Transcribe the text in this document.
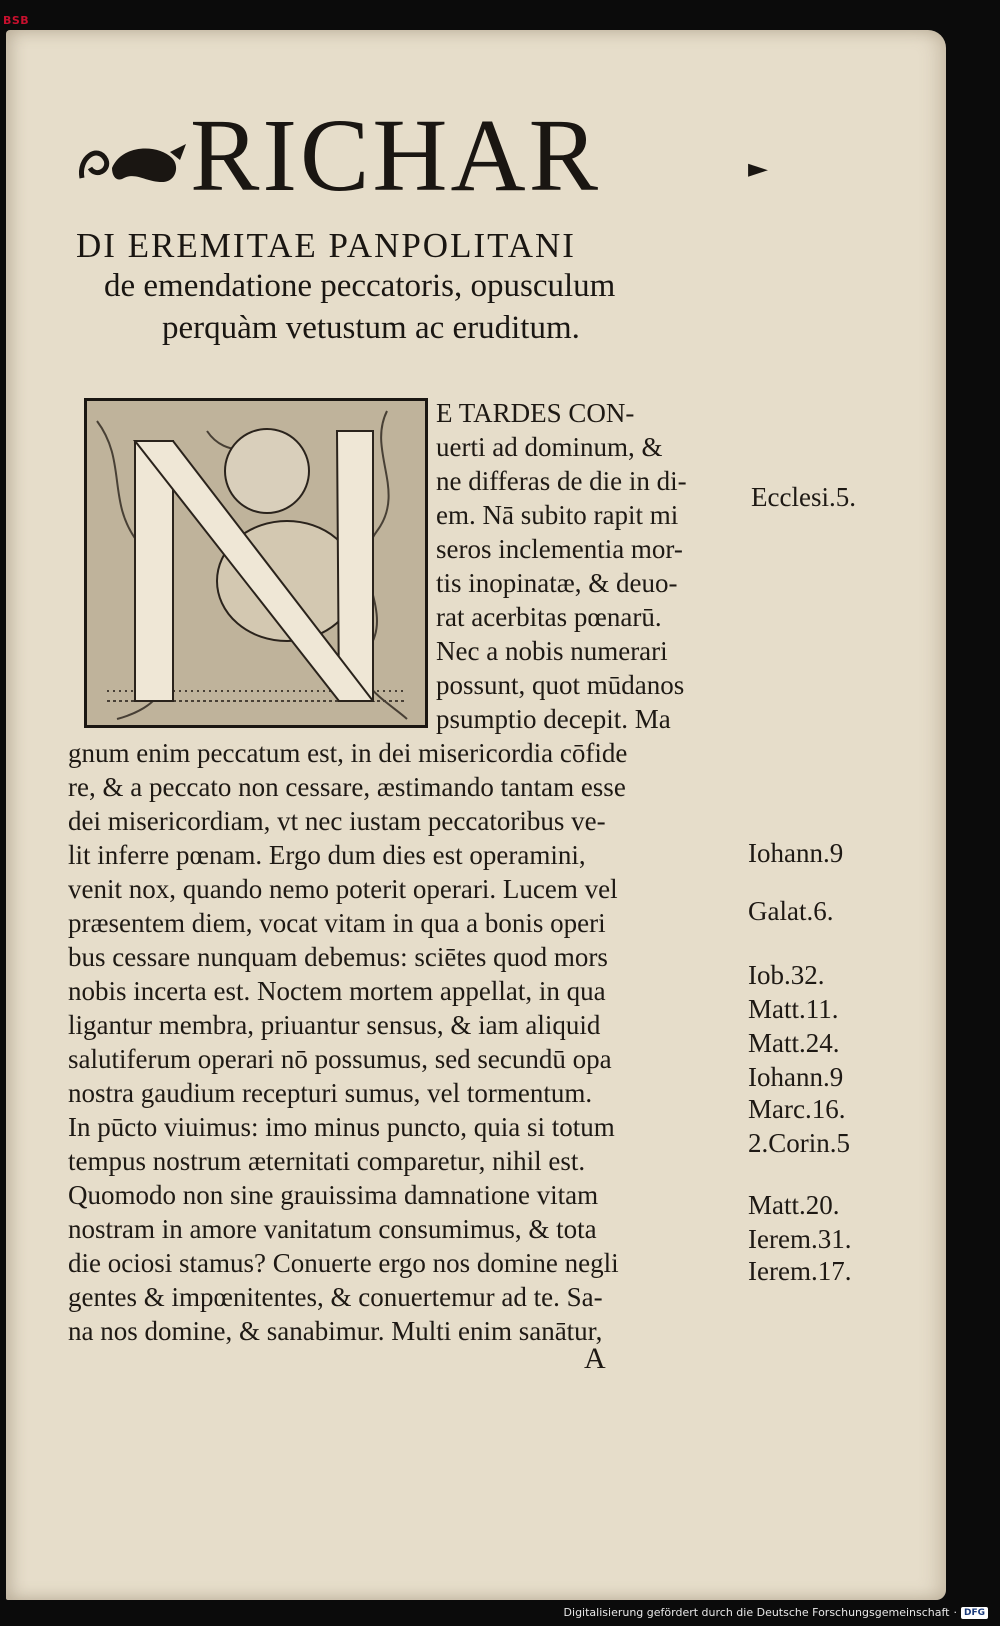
BSB
RICHAR	►
DI EREMITAE PANPOLITANI
de emendatione peccatoris, opusculum
perquàm vetustum ac eruditum.
E TARDES CON-
uerti ad dominum, &
ne differas de die in di-
em. Nā subito rapit mi
seros inclementia mor-
tis inopinatæ, & deuo-
rat acerbitas pœnarū.
Nec a nobis numerari
possunt, quot mūdanos
psumptio decepit. Ma
gnum enim peccatum est, in dei misericordia cōfide
re, & a peccato non cessare, æstimando tantam esse
dei misericordiam, vt nec iustam peccatoribus ve-
lit inferre pœnam. Ergo dum dies est operamini,
venit nox, quando nemo poterit operari. Lucem vel
præsentem diem, vocat vitam in qua a bonis operi
bus cessare nunquam debemus: sciētes quod mors
nobis incerta est. Noctem mortem appellat, in qua
ligantur membra, priuantur sensus, & iam aliquid
salutiferum operari nō possumus, sed secundū opa
nostra gaudium recepturi sumus, vel tormentum.
In pūcto viuimus: imo minus puncto, quia si totum
tempus nostrum æternitati comparetur, nihil est.
Quomodo non sine grauissima damnatione vitam
nostram in amore vanitatum consumimus, & tota
die ociosi stamus? Conuerte ergo nos domine negli
gentes & impœnitentes, & conuertemur ad te. Sa-
na nos domine, & sanabimur. Multi enim sanātur,
Ecclesi.5.
Iohann.9
Galat.6.
Iob.32.
Matt.11.
Matt.24.
Iohann.9
Marc.16.
2.Corin.5
Matt.20.
Ierem.31.
Ierem.17.
A
Digitalisierung gefördert durch die Deutsche Forschungsgemeinschaft · DFG
